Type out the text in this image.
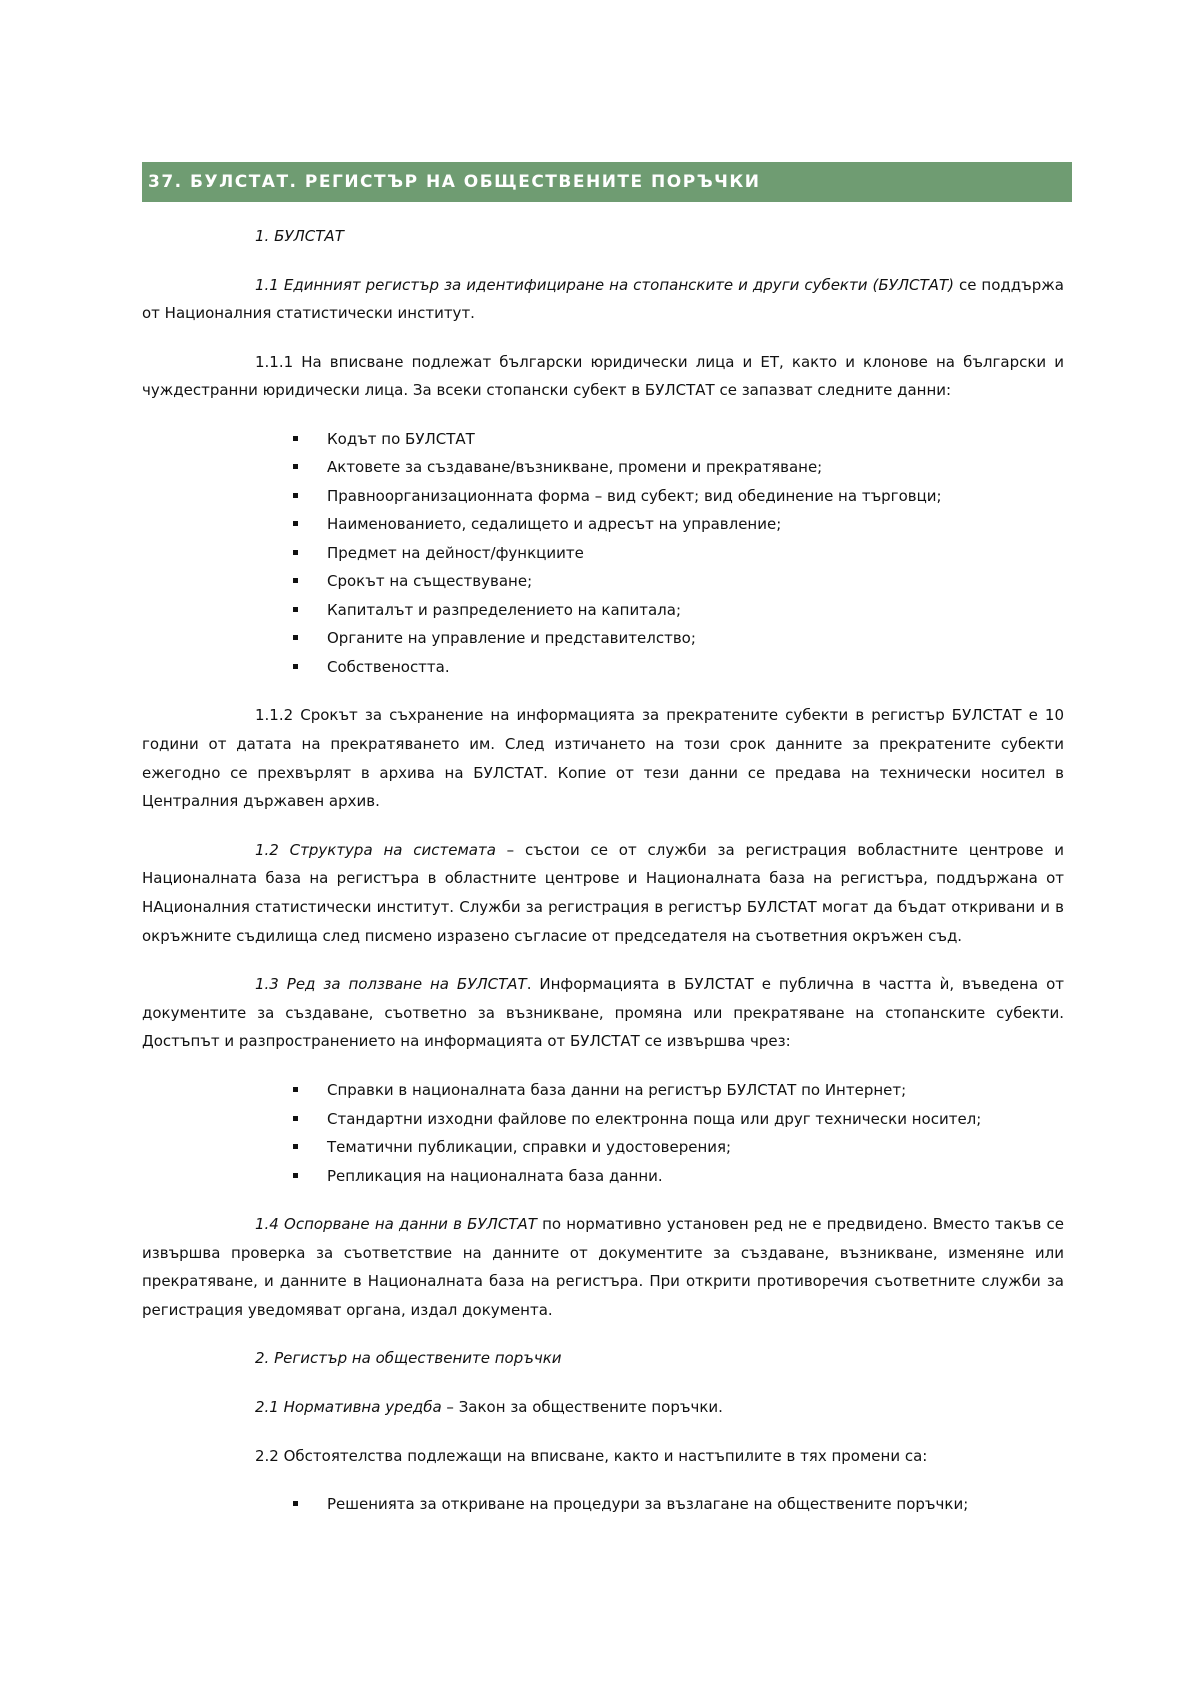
37. БУЛСТАТ. РЕГИСТЪР НА ОБЩЕСТВЕНИТЕ ПОРЪЧКИ

1. БУЛСТАТ

1.1 Единният регистър за идентифициране на стопанските и други субекти (БУЛСТАТ) се поддържа от Националния статистически институт.

1.1.1 На вписване подлежат български юридически лица и ЕТ, както и клонове на български и чуждестранни юридически лица. За всеки стопански субект в БУЛСТАТ се запазват следните данни:

Кодът по БУЛСТАТ
Актовете за създаване/възникване, промени и прекратяване;
Правноорганизационната форма – вид субект; вид обединение на търговци;
Наименованието, седалището и адресът на управление;
Предмет на дейност/функциите
Срокът на съществуване;
Капиталът и разпределението на капитала;
Органите на управление и представителство;
Собствеността.

1.1.2 Срокът за съхранение на информацията за прекратените субекти в регистър БУЛСТАТ е 10 години от датата на прекратяването им. След изтичането на този срок данните за прекратените субекти ежегодно се прехвърлят в архива на БУЛСТАТ. Копие от тези данни се предава на технически носител в Централния държавен архив.

1.2 Структура на системата – състои се от служби за регистрация вобластните центрове и Националната база на регистъра в областните центрове и Националната база на регистъра, поддържана от НАционалния статистически институт. Служби за регистрация в регистър БУЛСТАТ могат да бъдат откривани и в окръжните съдилища след писмено изразено съгласие от председателя на съответния окръжен съд.

1.3 Ред за ползване на БУЛСТАТ. Информацията в БУЛСТАТ е публична в частта ѝ, въведена от документите за създаване, съответно за възникване, промяна или прекратяване на стопанските субекти. Достъпът и разпространението на информацията от БУЛСТАТ се извършва чрез:

Справки в националната база данни на регистър БУЛСТАТ по Интернет;
Стандартни изходни файлове по електронна поща или друг технически носител;
Тематични публикации, справки и удостоверения;
Репликация на националната база данни.

1.4 Оспорване на данни в БУЛСТАТ по нормативно установен ред не е предвидено. Вместо такъв се извършва проверка за съответствие на данните от документите за създаване, възникване, изменяне или прекратяване, и данните в Националната база на регистъра. При открити противоречия съответните служби за регистрация уведомяват органа, издал документа.

2. Регистър на обществените поръчки

2.1 Нормативна уредба – Закон за обществените поръчки.

2.2 Обстоятелства подлежащи на вписване, както и настъпилите в тях промени са:

Решенията за откриване на процедури за възлагане на обществените поръчки;
